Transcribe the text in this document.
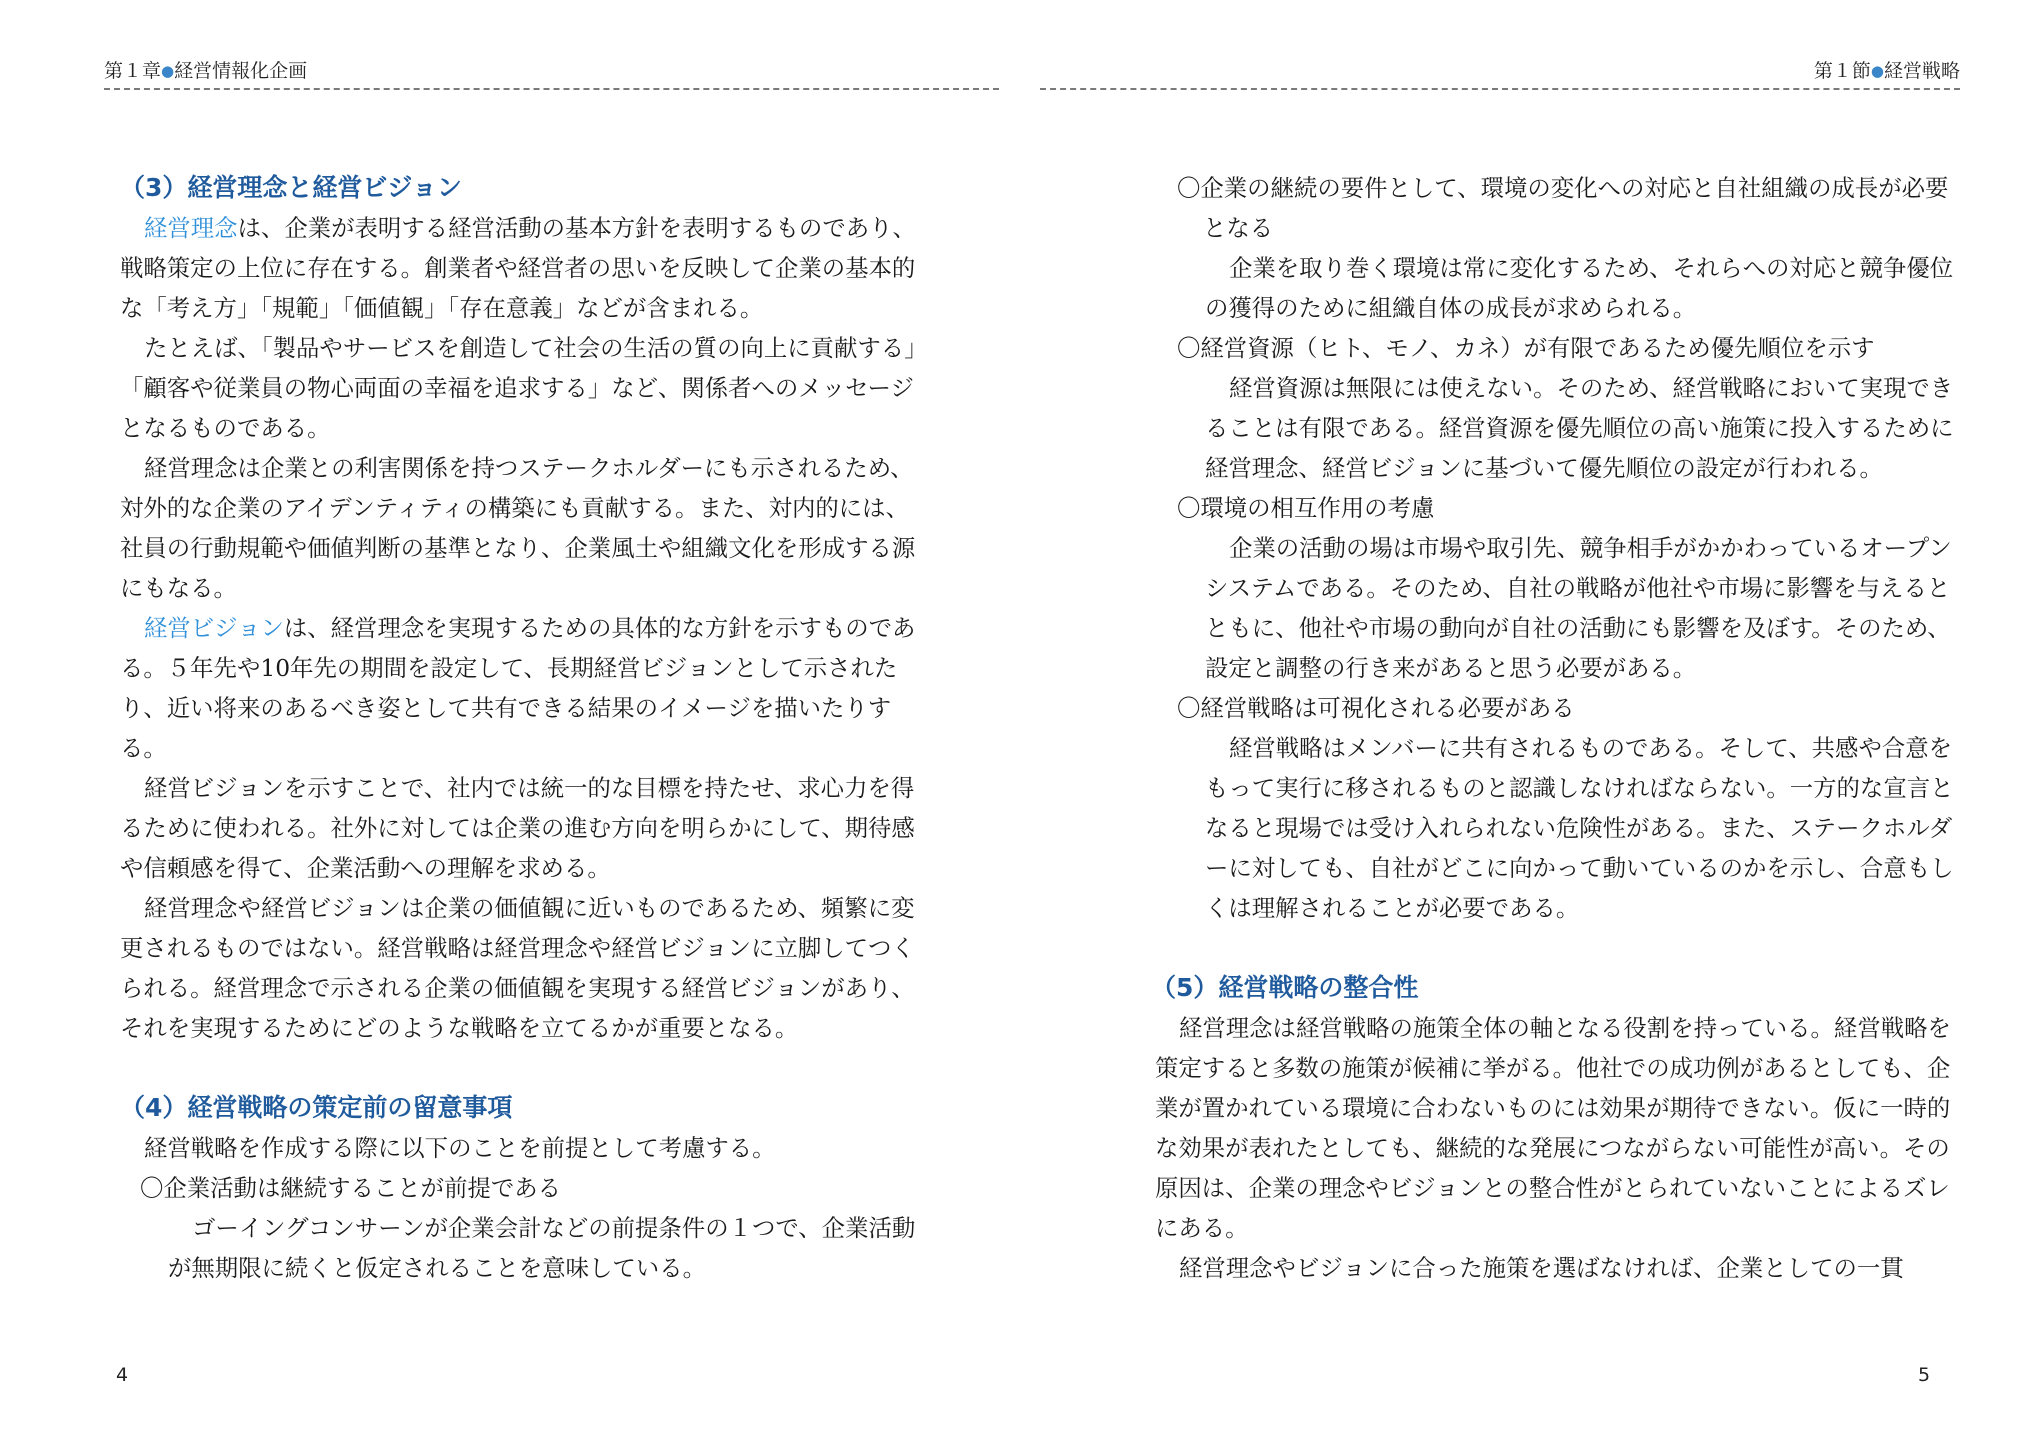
第１章●経営情報化企画	第１節●経営戦略
（3）経営理念と経営ビジョン

経営理念は、企業が表明する経営活動の基本方針を表明するものであり、戦略策定の上位に存在する。創業者や経営者の思いを反映して企業の基本的な「考え方」「規範」「価値観」「存在意義」などが含まれる。

たとえば、「製品やサービスを創造して社会の生活の質の向上に貢献する」「顧客や従業員の物心両面の幸福を追求する」など、関係者へのメッセージとなるものである。

経営理念は企業との利害関係を持つステークホルダーにも示されるため、対外的な企業のアイデンティティの構築にも貢献する。また、対内的には、社員の行動規範や価値判断の基準となり、企業風土や組織文化を形成する源にもなる。

経営ビジョンは、経営理念を実現するための具体的な方針を示すものである。５年先や10年先の期間を設定して、長期経営ビジョンとして示されたり、近い将来のあるべき姿として共有できる結果のイメージを描いたりする。

経営ビジョンを示すことで、社内では統一的な目標を持たせ、求心力を得るために使われる。社外に対しては企業の進む方向を明らかにして、期待感や信頼感を得て、企業活動への理解を求める。

経営理念や経営ビジョンは企業の価値観に近いものであるため、頻繁に変更されるものではない。経営戦略は経営理念や経営ビジョンに立脚してつくられる。経営理念で示される企業の価値観を実現する経営ビジョンがあり、それを実現するためにどのような戦略を立てるかが重要となる。

（4）経営戦略の策定前の留意事項

経営戦略を作成する際に以下のことを前提として考慮する。

〇企業活動は継続することが前提である
ゴーイングコンサーンが企業会計などの前提条件の１つで、企業活動が無期限に続くと仮定されることを意味している。
〇企業の継続の要件として、環境の変化への対応と自社組織の成長が必要となる
企業を取り巻く環境は常に変化するため、それらへの対応と競争優位の獲得のために組織自体の成長が求められる。
〇経営資源（ヒト、モノ、カネ）が有限であるため優先順位を示す
経営資源は無限には使えない。そのため、経営戦略において実現できることは有限である。経営資源を優先順位の高い施策に投入するために経営理念、経営ビジョンに基づいて優先順位の設定が行われる。
〇環境の相互作用の考慮
企業の活動の場は市場や取引先、競争相手がかかわっているオープンシステムである。そのため、自社の戦略が他社や市場に影響を与えるとともに、他社や市場の動向が自社の活動にも影響を及ぼす。そのため、設定と調整の行き来があると思う必要がある。
〇経営戦略は可視化される必要がある
経営戦略はメンバーに共有されるものである。そして、共感や合意をもって実行に移されるものと認識しなければならない。一方的な宣言となると現場では受け入れられない危険性がある。また、ステークホルダーに対しても、自社がどこに向かって動いているのかを示し、合意もしくは理解されることが必要である。
（5）経営戦略の整合性

経営理念は経営戦略の施策全体の軸となる役割を持っている。経営戦略を策定すると多数の施策が候補に挙がる。他社での成功例があるとしても、企業が置かれている環境に合わないものには効果が期待できない。仮に一時的な効果が表れたとしても、継続的な発展につながらない可能性が高い。その原因は、企業の理念やビジョンとの整合性がとられていないことによるズレにある。

経営理念やビジョンに合った施策を選ばなければ、企業としての一貫

4	5
